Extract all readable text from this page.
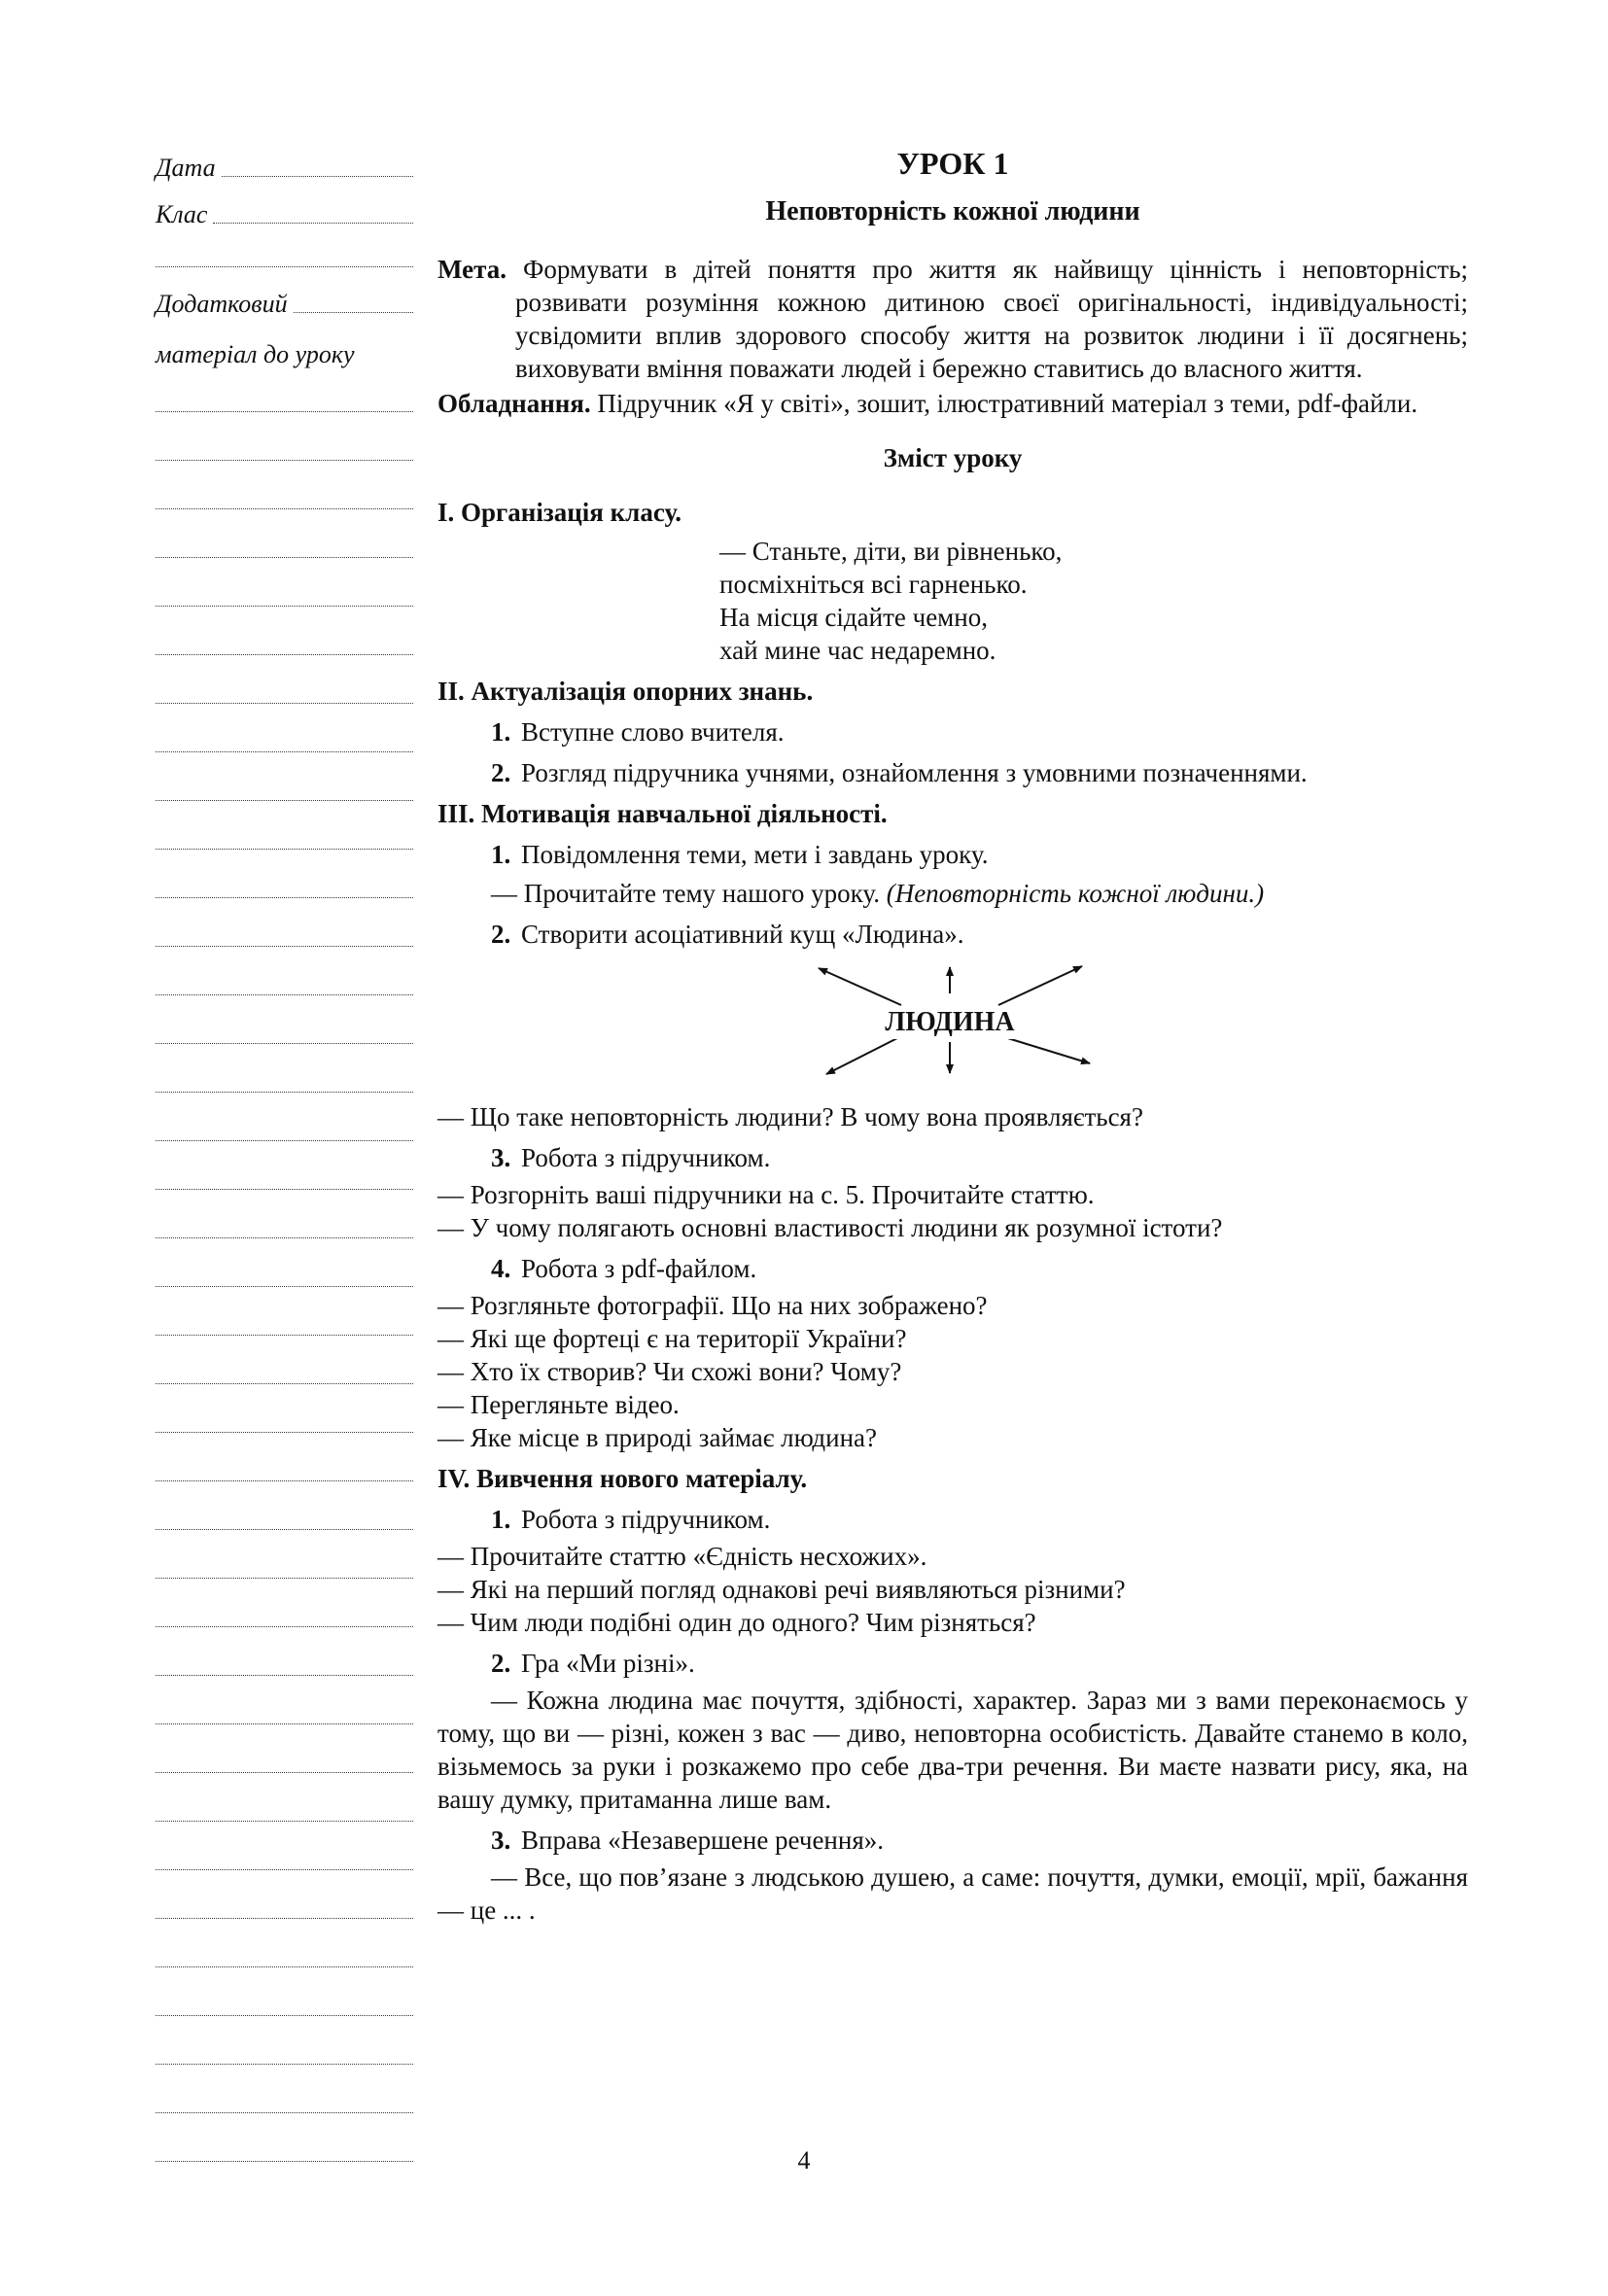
Дата
Клас
Додатковий
матеріал до уроку
УРОК 1
Неповторність кожної людини

Мета. Формувати в дітей поняття про життя як найвищу цінність і неповторність; розвивати розуміння кожною дитиною своєї оригінальності, індивідуальності; усвідомити вплив здорового способу життя на розвиток людини і її досягнень; виховувати вміння поважати людей і бережно ставитись до власного життя.

Обладнання. Підручник «Я у світі», зошит, ілюстративний матеріал з теми, pdf-файли.

Зміст уроку
I. Організація класу.
— Станьте, діти, ви рівненько,
посміхніться всі гарненько.
На місця сідайте чемно,
хай мине час недаремно.
II. Актуалізація опорних знань.
1. Вступне слово вчителя.
2. Розгляд підручника учнями, ознайомлення з умовними позначеннями.
III. Мотивація навчальної діяльності.
1. Повідомлення теми, мети і завдань уроку.
— Прочитайте тему нашого уроку. (Неповторність кожної людини.)
2. Створити асоціативний кущ «Людина».
ЛЮДИНА

— Що таке неповторність людини? В чому вона проявляється?

3. Робота з підручником.

— Розгорніть ваші підручники на с. 5. Прочитайте статтю.

— У чому полягають основні властивості людини як розумної істоти?

4. Робота з pdf-файлом.

— Розгляньте фотографії. Що на них зображено?

— Які ще фортеці є на території України?

— Хто їх створив? Чи схожі вони? Чому?

— Перегляньте відео.

— Яке місце в природі займає людина?

IV. Вивчення нового матеріалу.
1. Робота з підручником.

— Прочитайте статтю «Єдність несхожих».

— Які на перший погляд однакові речі виявляються різними?

— Чим люди подібні один до одного? Чим різняться?

2. Гра «Ми різні».

— Кожна людина має почуття, здібності, характер. Зараз ми з вами переконаємось у тому, що ви — різні, кожен з вас — диво, неповторна особистість. Давайте станемо в коло, візьмемось за руки і розкажемо про себе два-три речення. Ви маєте назвати рису, яка, на вашу думку, притаманна лише вам.

3. Вправа «Незавершене речення».

— Все, що пов’язане з людською душею, а саме: почуття, думки, емоції, мрії, бажання — це ... .

4
